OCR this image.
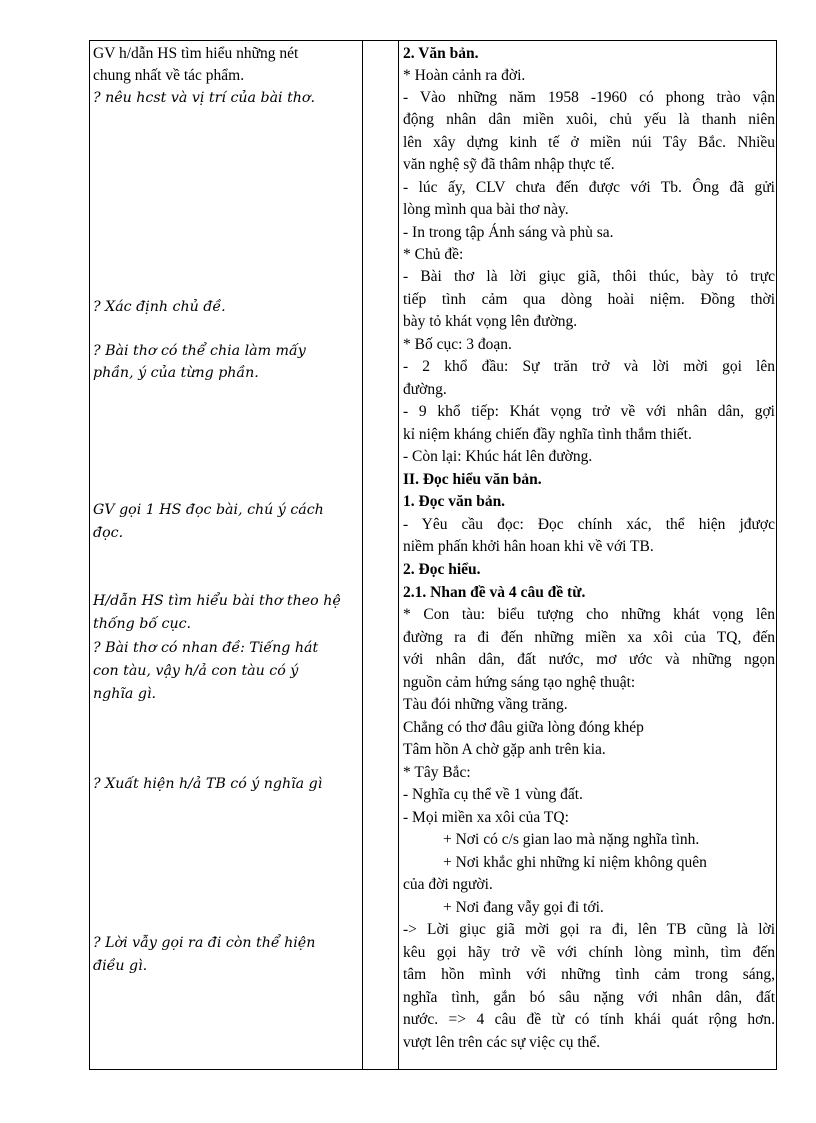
GV h/dẫn HS tìm hiểu những nét
chung nhất về tác phẩm.
? nêu hcst và vị trí của bài thơ.
? Xác định chủ đề.
? Bài thơ có thể chia làm mấy
phần, ý của từng phần.
GV gọi 1 HS đọc bài, chú ý cách
đọc.
H/dẫn HS tìm hiểu bài thơ theo hệ
thống bố cục.
? Bài thơ có nhan đề: Tiếng hát
con tàu, vậy h/ả con tàu có ý
nghĩa gì.
? Xuất hiện h/ả TB có ý nghĩa gì
? Lời vẫy gọi ra đi còn thể hiện
điều gì.
2. Văn bản.
* Hoàn cảnh ra đời.
- Vào những năm 1958 -1960 có phong trào vận
động nhân dân miền xuôi, chủ yếu là thanh niên
lên xây dựng kinh tế ở miền núi Tây Bắc. Nhiều
văn nghệ sỹ đã thâm nhập thực tế.
- lúc ấy, CLV chưa đến được với Tb. Ông đã gửi
lòng mình qua bài thơ này.
- In trong tập Ánh sáng và phù sa.
* Chủ đề:
- Bài thơ là lời giục giã, thôi thúc, bày tỏ trực
tiếp tình cảm qua dòng hoài niệm. Đồng thời
bày tỏ khát vọng lên đường.
* Bố cục: 3 đoạn.
- 2 khổ đầu: Sự trăn trở và lời mời gọi lên
đường.
- 9 khổ tiếp: Khát vọng trở về với nhân dân, gợi
kỉ niệm kháng chiến đầy nghĩa tình thắm thiết.
- Còn lại: Khúc hát lên đường.
II. Đọc hiểu văn bản.
1. Đọc văn bản.
- Yêu cầu đọc: Đọc chính xác, thể hiện jđược
niềm phấn khởi hân hoan khi về với TB.
2. Đọc hiểu.
2.1. Nhan đề và 4 câu đề từ.
* Con tàu: biểu tượng cho những khát vọng lên
đường ra đi đến những miền xa xôi của TQ, đến
với nhân dân, đất nước, mơ ước và những ngọn
nguồn cảm hứng sáng tạo nghệ thuật:
Tàu đói những vầng trăng.
Chẳng có thơ đâu giữa lòng đóng khép
Tâm hồn A chờ gặp anh trên kia.
* Tây Bắc:
- Nghĩa cụ thể về 1 vùng đất.
- Mọi miền xa xôi của TQ:
+ Nơi có c/s gian lao mà nặng nghĩa tình.
+ Nơi khắc ghi những kỉ niệm không quên
của đời người.
+ Nơi đang vẫy gọi đi tới.
-> Lời giục giã mời gọi ra đi, lên TB cũng là lời
kêu gọi hãy trở về với chính lòng mình, tìm đến
tâm hồn mình với những tình cảm trong sáng,
nghĩa tình, gắn bó sâu nặng với nhân dân, đất
nước. => 4 câu đề từ có tính khái quát rộng hơn.
vượt lên trên các sự việc cụ thể.
